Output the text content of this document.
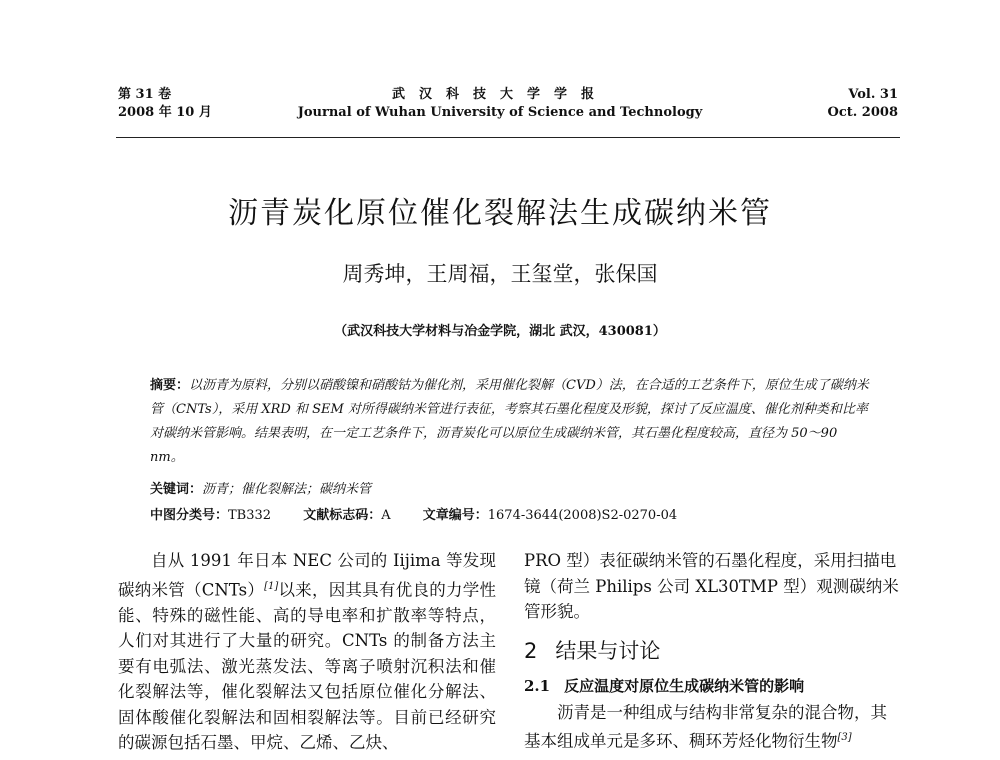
第 31 卷
2008 年 10 月
武汉科技大学学报
Journal of Wuhan University of Science and Technology
Vol. 31
Oct. 2008
沥青炭化原位催化裂解法生成碳纳米管
周秀坤，王周福，王玺堂，张保国
（武汉科技大学材料与冶金学院，湖北 武汉，430081）
摘要：以沥青为原料，分别以硝酸镍和硝酸钴为催化剂，采用催化裂解（CVD）法，在合适的工艺条件下，原位生成了碳纳米管（CNTs），采用 XRD 和 SEM 对所得碳纳米管进行表征，考察其石墨化程度及形貌，探讨了反应温度、催化剂种类和比率对碳纳米管影响。结果表明，在一定工艺条件下，沥青炭化可以原位生成碳纳米管，其石墨化程度较高，直径为 50～90 nm。
关键词：沥青；催化裂解法；碳纳米管
中图分类号：TB332 文献标志码：A 文章编号：1674-3644(2008)S2-0270-04

自从 1991 年日本 NEC 公司的 Iijima 等发现碳纳米管（CNTs）[1]以来，因其具有优良的力学性能、特殊的磁性能、高的导电率和扩散率等特点，人们对其进行了大量的研究。CNTs 的制备方法主要有电弧法、激光蒸发法、等离子喷射沉积法和催化裂解法等，催化裂解法又包括原位催化分解法、固体酸催化裂解法和固相裂解法等。目前已经研究的碳源包括石墨、甲烷、乙烯、乙炔、

PRO 型）表征碳纳米管的石墨化程度，采用扫描电镜（荷兰 Philips 公司 XL30TMP 型）观测碳纳米管形貌。

2 结果与讨论
2.1 反应温度对原位生成碳纳米管的影响

沥青是一种组成与结构非常复杂的混合物，其基本组成单元是多环、稠环芳烃化物衍生物[3]
